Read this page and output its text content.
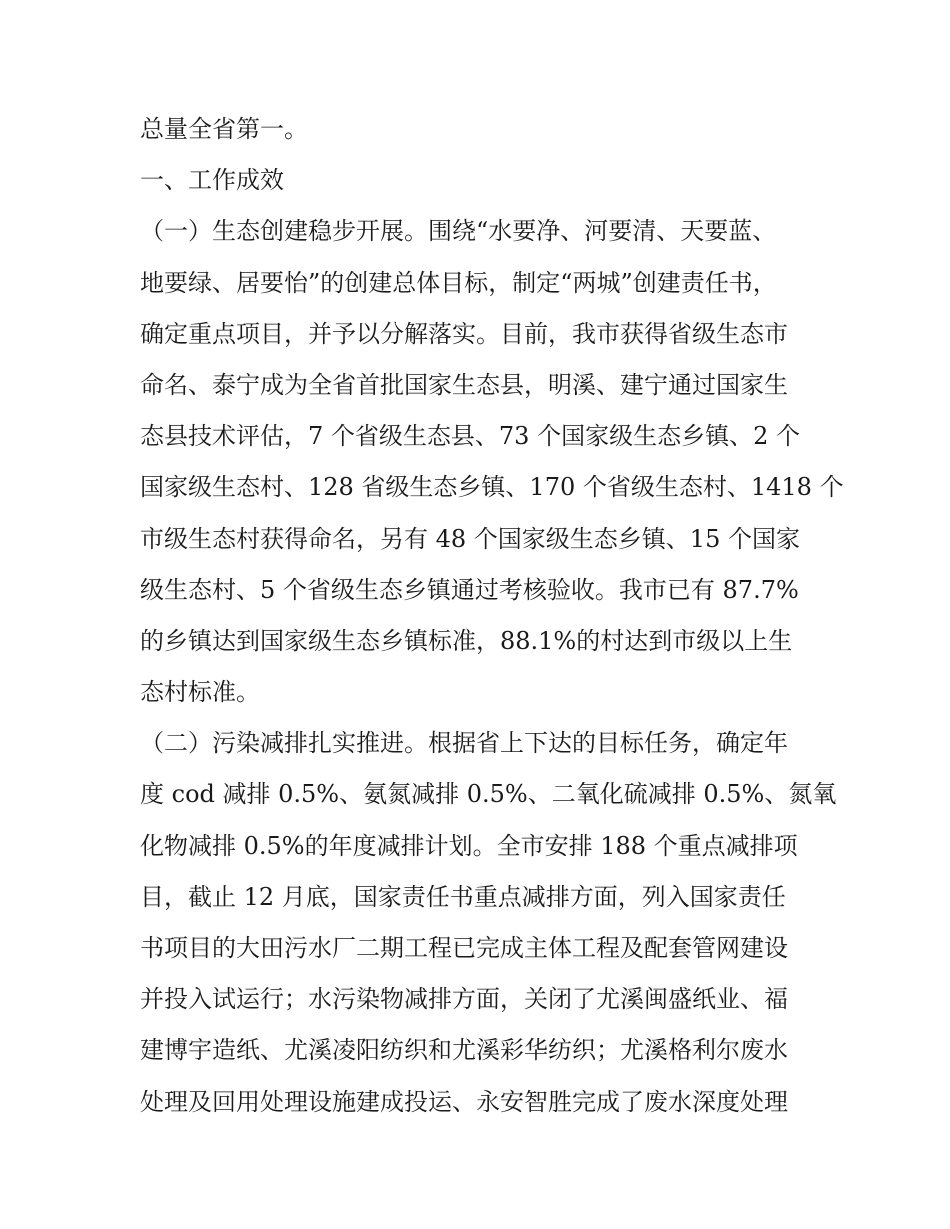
总量全省第一。

一、工作成效

（一）生态创建稳步开展。围绕“水要净、河要清、天要蓝、

地要绿、居要怡”的创建总体目标，制定“两城”创建责任书，

确定重点项目，并予以分解落实。目前，我市获得省级生态市

命名、泰宁成为全省首批国家生态县，明溪、建宁通过国家生

态县技术评估，7 个省级生态县、73 个国家级生态乡镇、2 个

国家级生态村、128 省级生态乡镇、170 个省级生态村、1418 个

市级生态村获得命名，另有 48 个国家级生态乡镇、15 个国家

级生态村、5 个省级生态乡镇通过考核验收。我市已有 87.7%

的乡镇达到国家级生态乡镇标准，88.1%的村达到市级以上生

态村标准。

（二）污染减排扎实推进。根据省上下达的目标任务，确定年

度 cod 减排 0.5%、氨氮减排 0.5%、二氧化硫减排 0.5%、氮氧

化物减排 0.5%的年度减排计划。全市安排 188 个重点减排项

目，截止 12 月底，国家责任书重点减排方面，列入国家责任

书项目的大田污水厂二期工程已完成主体工程及配套管网建设

并投入试运行；水污染物减排方面，关闭了尤溪闽盛纸业、福

建博宇造纸、尤溪凌阳纺织和尤溪彩华纺织；尤溪格利尔废水

处理及回用处理设施建成投运、永安智胜完成了废水深度处理
